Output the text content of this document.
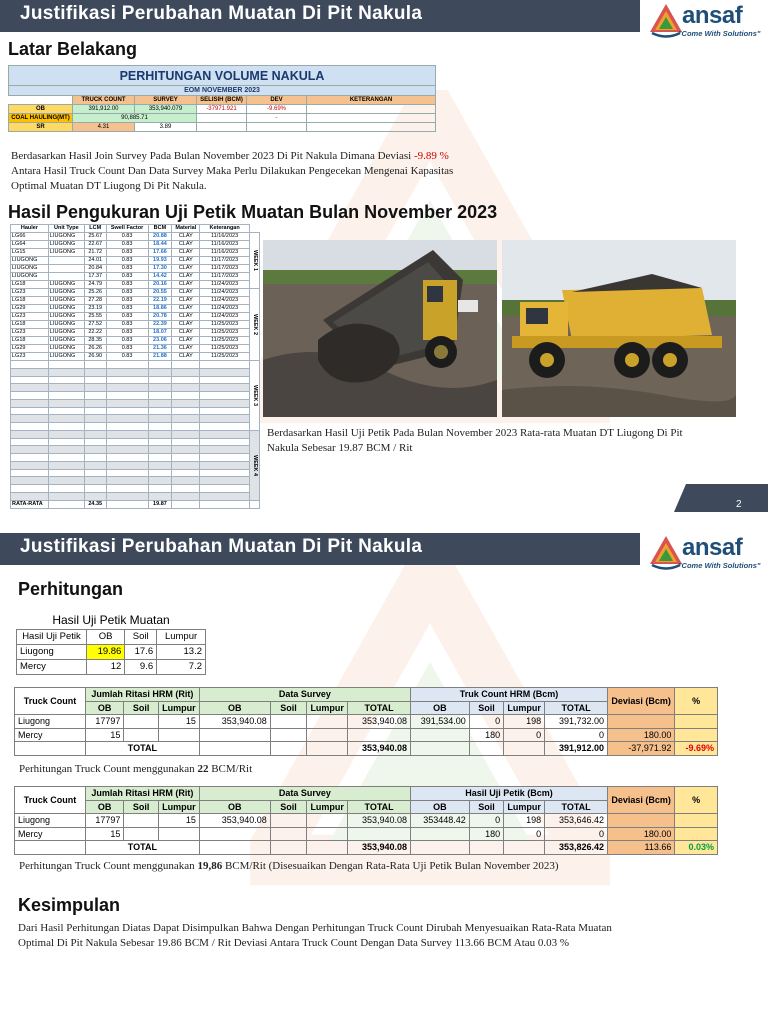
Justifikasi Perubahan Muatan Di Pit Nakula	ansaf
"Come With Solutions"
Latar Belakang
PERHITUNGAN VOLUME NAKULA					
EOM NOVEMBER 2023					
	TRUCK COUNT	SURVEY	SELISIH (BCM)	DEV	KETERANGAN
OB	391,912.00	353,940.079	-37971.921	-9.69%	
COAL HAULING(MT)	90,885.71			-	
SR	4.31	3.89			
Berdasarkan Hasil Join Survey Pada Bulan November 2023 Di Pit Nakula Dimana Deviasi -9.89 %
Antara Hasil Truck Count Dan Data Survey Maka Perlu Dilakukan Pengecekan Mengenai Kapasitas
Optimal Muatan DT Liugong Di Pit Nakula.
Hasil Pengukuran Uji Petik Muatan Bulan November 2023
Hauler	Unit Type	LCM	Swell Factor	BCM	Material	Keterangan	
LG66	LIUGONG	25.67	0.83	20.88	CLAY	11/16/2023	WEEK 1
LG64	LIUGONG	22.67	0.83	18.44	CLAY	11/16/2023	
LG15	LIUGONG	21.72	0.83	17.66	CLAY	11/16/2023	
LIUGONG		24.01	0.83	19.93	CLAY	11/17/2023	
LIUGONG		20.84	0.83	17.30	CLAY	11/17/2023	
LIUGONG		17.37	0.83	14.42	CLAY	11/17/2023	
LG18	LIUGONG	24.79	0.83	20.16	CLAY	11/24/2023	
LG23	LIUGONG	25.26	0.83	20.55	CLAY	11/24/2023	WEEK 2
LG18	LIUGONG	27.28	0.83	22.19	CLAY	11/24/2023	
LG29	LIUGONG	23.19	0.83	18.86	CLAY	11/24/2023	
LG23	LIUGONG	25.55	0.83	20.78	CLAY	11/24/2023	
LG18	LIUGONG	27.52	0.83	22.39	CLAY	11/25/2023	
LG23	LIUGONG	22.22	0.83	18.07	CLAY	11/25/2023	
LG18	LIUGONG	28.35	0.83	23.06	CLAY	11/25/2023	
LG29	LIUGONG	26.26	0.83	21.36	CLAY	11/25/2023	
LG23	LIUGONG	26.90	0.83	21.88	CLAY	11/25/2023	
							WEEK 3

							WEEK 4

RATA-RATA		24.35		19.87			
Berdasarkan Hasil Uji Petik Pada Bulan November 2023 Rata-rata Muatan DT Liugong Di Pit
Nakula Sebesar 19.87 BCM / Rit
2
Justifikasi Perubahan Muatan Di Pit Nakula	ansaf
"Come With Solutions"
Perhitungan
Hasil Uji Petik Muatan			
Hasil Uji Petik	OB	Soil	Lumpur
Liugong	19.86	17.6	13.2
Mercy	12	9.6	7.2
Truck Count	Jumlah Ritasi HRM (Rit)			Data Survey				Truk Count HRM (Bcm)				Deviasi (Bcm)	%
	OB	Soil	Lumpur	OB	Soil	Lumpur	TOTAL	OB	Soil	Lumpur	TOTAL		
Liugong	17797		15	353,940.08			353,940.08	391,534.00	0	198	391,732.00		
Mercy	15								180	0	0	180.00	
	TOTAL						353,940.08				391,912.00	-37,971.92	-9.69%
Perhitungan Truck Count menggunakan 22 BCM/Rit
Truck Count	Jumlah Ritasi HRM (Rit)			Data Survey				Hasil Uji Petik (Bcm)				Deviasi (Bcm)	%
	OB	Soil	Lumpur	OB	Soil	Lumpur	TOTAL	OB	Soil	Lumpur	TOTAL		
Liugong	17797		15	353,940.08			353,940.08	353448.42	0	198	353,646.42		
Mercy	15								180	0	0	180.00	
	TOTAL						353,940.08				353,826.42	113.66	0.03%
Perhitungan Truck Count menggunakan 19,86 BCM/Rit (Disesuaikan Dengan Rata-Rata Uji Petik Bulan November 2023)
Kesimpulan
Dari Hasil Perhitungan Diatas Dapat Disimpulkan Bahwa Dengan Perhitungan Truck Count Dirubah Menyesuaikan Rata-Rata Muatan
Optimal Di Pit Nakula Sebesar 19.86 BCM / Rit Deviasi Antara Truck Count Dengan Data Survey 113.66 BCM Atau 0.03 %
